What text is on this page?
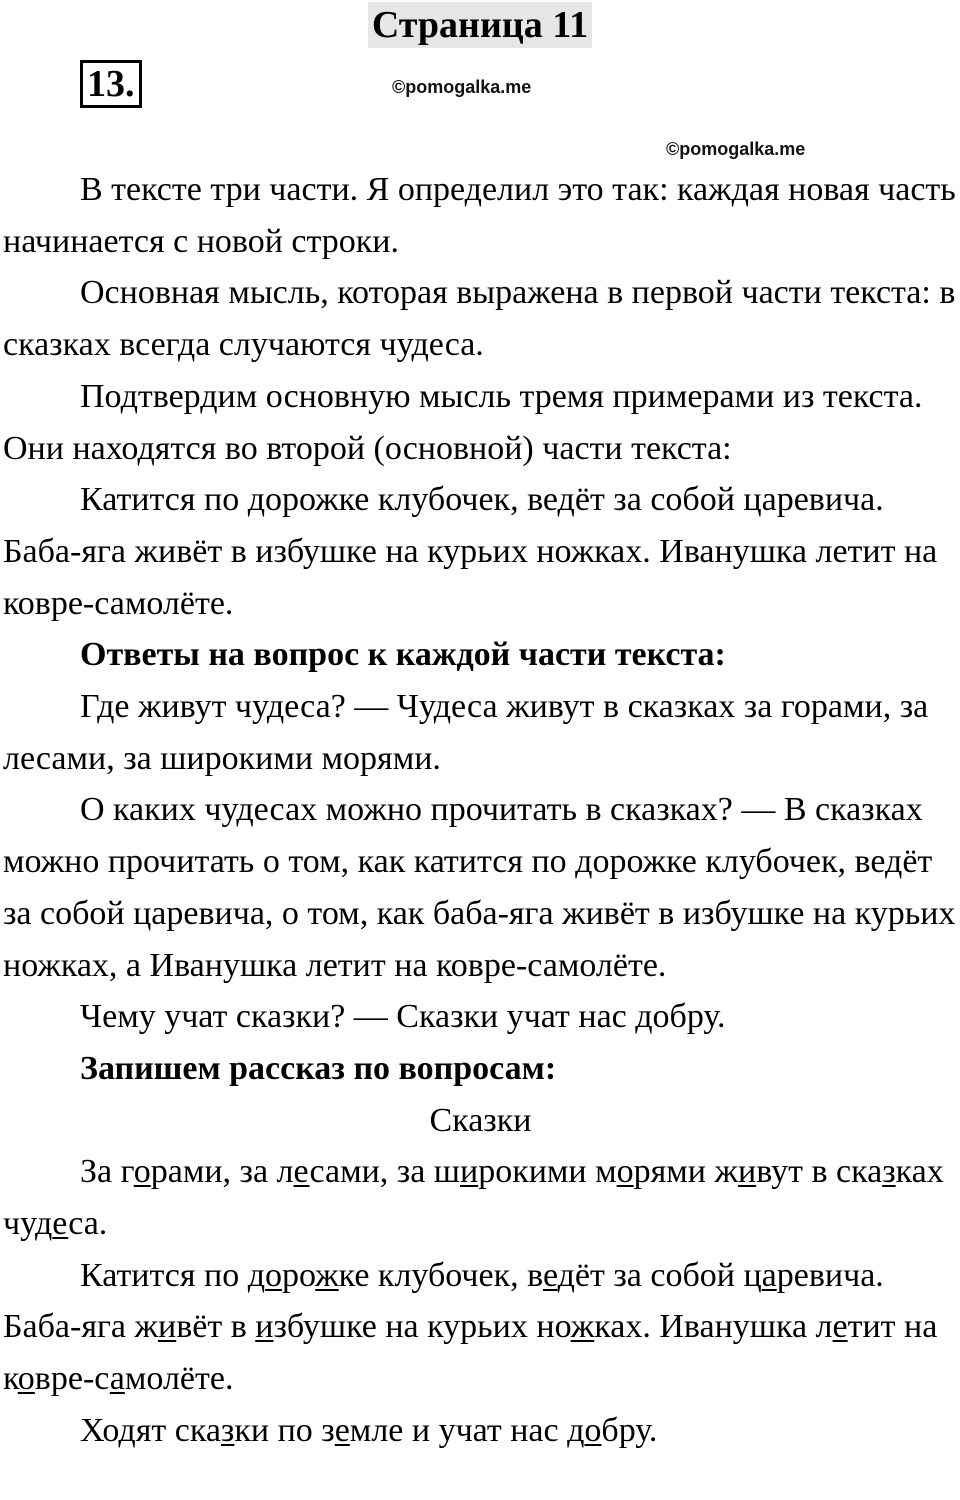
Страница 11
13.	©pomogalka.me
©pomogalka.me

В тексте три части. Я определил это так: каждая новая часть начинается с новой строки.

Основная мысль, которая выражена в первой части текста: в сказках всегда случаются чудеса.

Подтвердим основную мысль тремя примерами из текста. Они находятся во второй (основной) части текста:

Катится по дорожке клубочек, ведёт за собой царевича. Баба-яга живёт в избушке на курьих ножках. Иванушка летит на ковре-самолёте.

Ответы на вопрос к каждой части текста:

Где живут чудеса? — Чудеса живут в сказках за горами, за лесами, за широкими морями.

О каких чудесах можно прочитать в сказках? — В сказках можно прочитать о том, как катится по дорожке клубочек, ведёт за собой царевича, о том, как баба-яга живёт в избушке на курьих ножках, а Иванушка летит на ковре-самолёте.

Чему учат сказки? — Сказки учат нас добру.

Запишем рассказ по вопросам:

Сказки

За горами, за лесами, за широкими морями живут в сказках чудеса.

Катится по дорожке клубочек, ведёт за собой царевича. Баба-яга живёт в избушке на курьих ножках. Иванушка летит на ковре-самолёте.

Ходят сказки по земле и учат нас добру.
